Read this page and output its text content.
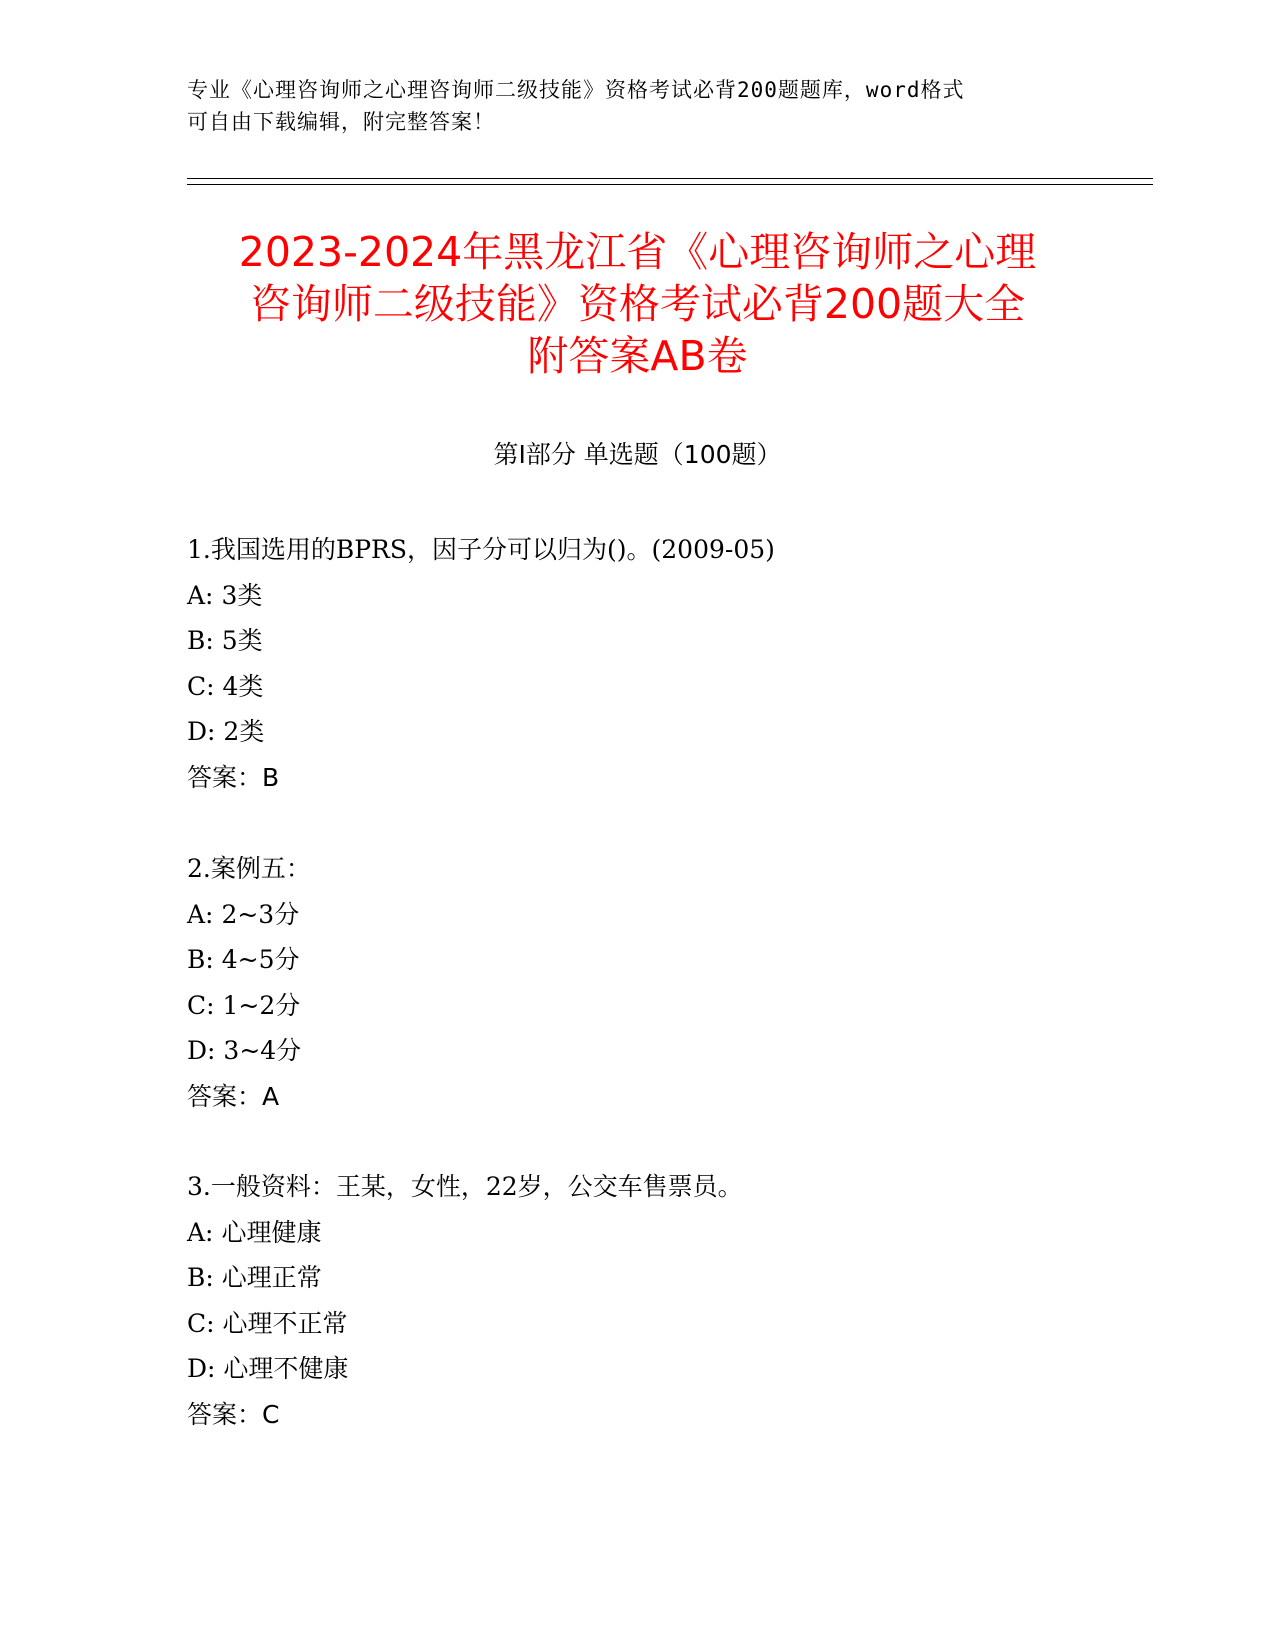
专业《心理咨询师之心理咨询师二级技能》资格考试必背200题题库，word格式
可自由下载编辑，附完整答案！
2023-2024年黑龙江省《心理咨询师之心理
咨询师二级技能》资格考试必背200题大全
附答案AB卷
第Ⅰ部分 单选题（100题）
1.我国选用的BPRS，因子分可以归为()。(2009-05)
A: 3类
B: 5类
C: 4类
D: 2类
答案：B
2.案例五：
A: 2~3分
B: 4~5分
C: 1~2分
D: 3~4分
答案：A
3.一般资料：王某，女性，22岁，公交车售票员。
A: 心理健康
B: 心理正常
C: 心理不正常
D: 心理不健康
答案：C
